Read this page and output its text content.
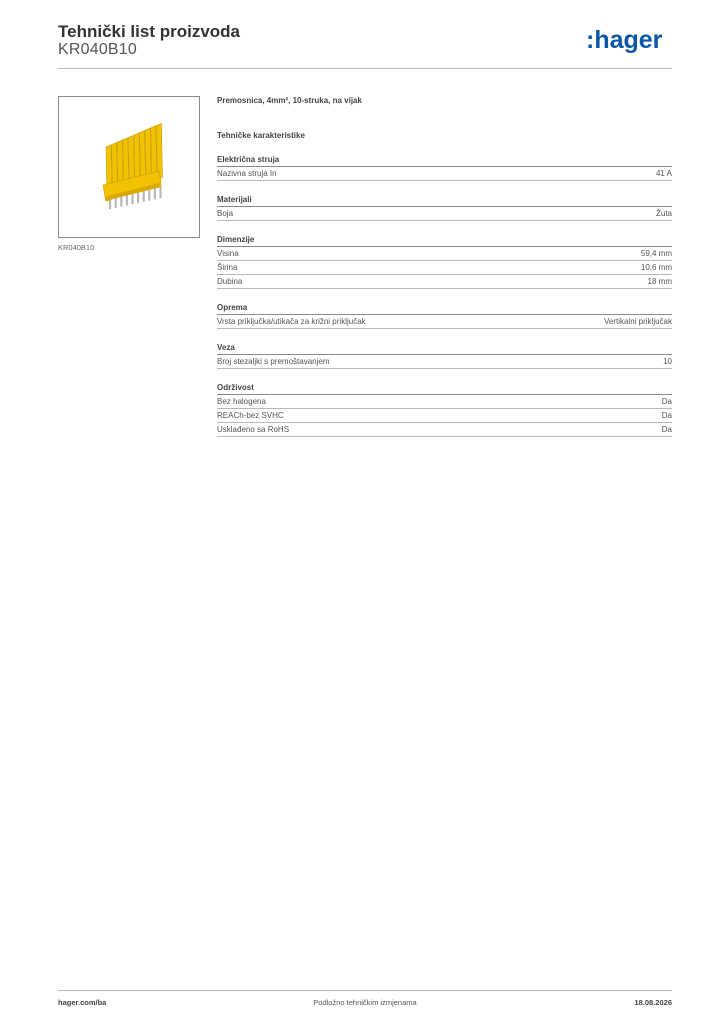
Tehnički list proizvoda
KR040B10	:hager
KR040B10
Premosnica, 4mm², 10-struka, na vijak
Tehničke karakteristike
Električna struja
Nazivna struja In	41 A
Materijali
Boja	Žuta
Dimenzije
Visina	59,4 mm
Širina	10,6 mm
Dubina	18 mm
Oprema
Vrsta priključka/utikača za križni priključak	Vertikalni priključak
Veza
Broj stezaljki s premoštavanjem	10
Održivost
Bez halogena	Da
REACh-bez SVHC	Da
Usklađeno sa RoHS	Da
hager.com/ba	Podložno tehničkim izmjenama	18.08.2026
